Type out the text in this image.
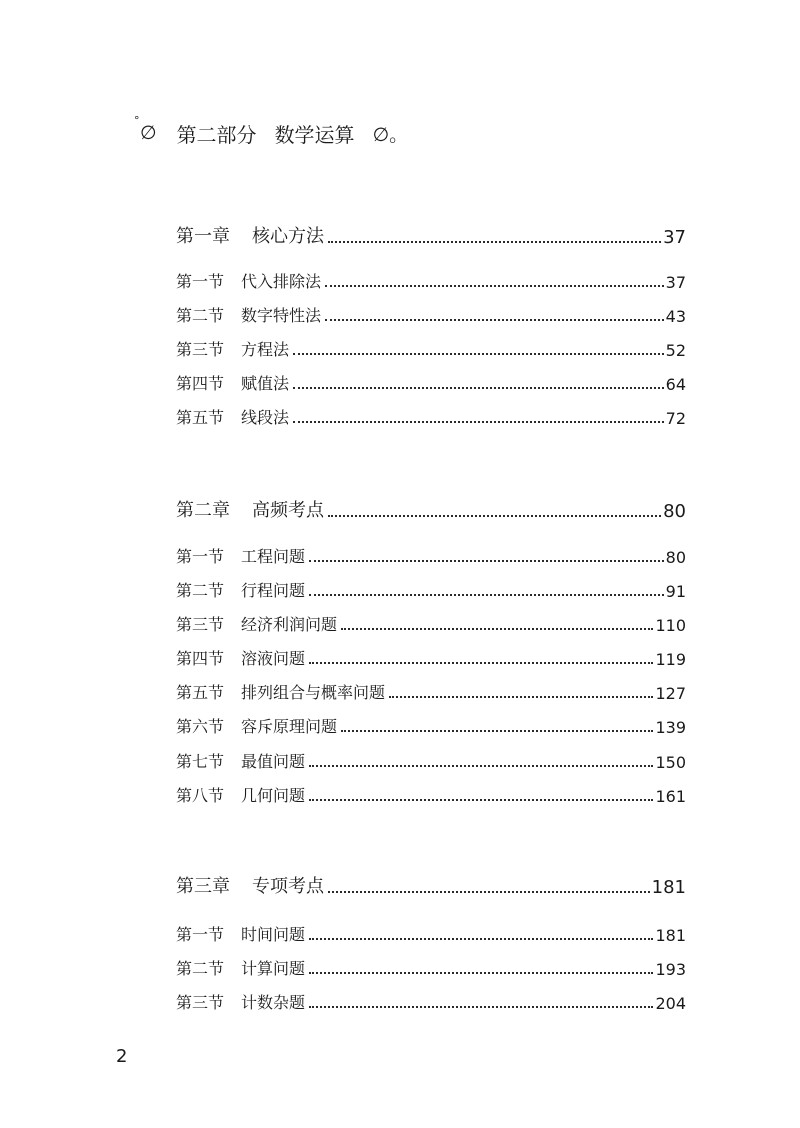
°
∅ 第二部分 数学运算 ∅。
第一章 核心方法	37
第一节 代入排除法	37
第二节 数字特性法	43
第三节 方程法	52
第四节 赋值法	64
第五节 线段法	72
第二章 高频考点	80
第一节 工程问题	80
第二节 行程问题	91
第三节 经济利润问题	110
第四节 溶液问题	119
第五节 排列组合与概率问题	127
第六节 容斥原理问题	139
第七节 最值问题	150
第八节 几何问题	161
第三章 专项考点	181
第一节 时间问题	181
第二节 计算问题	193
第三节 计数杂题	204
2
